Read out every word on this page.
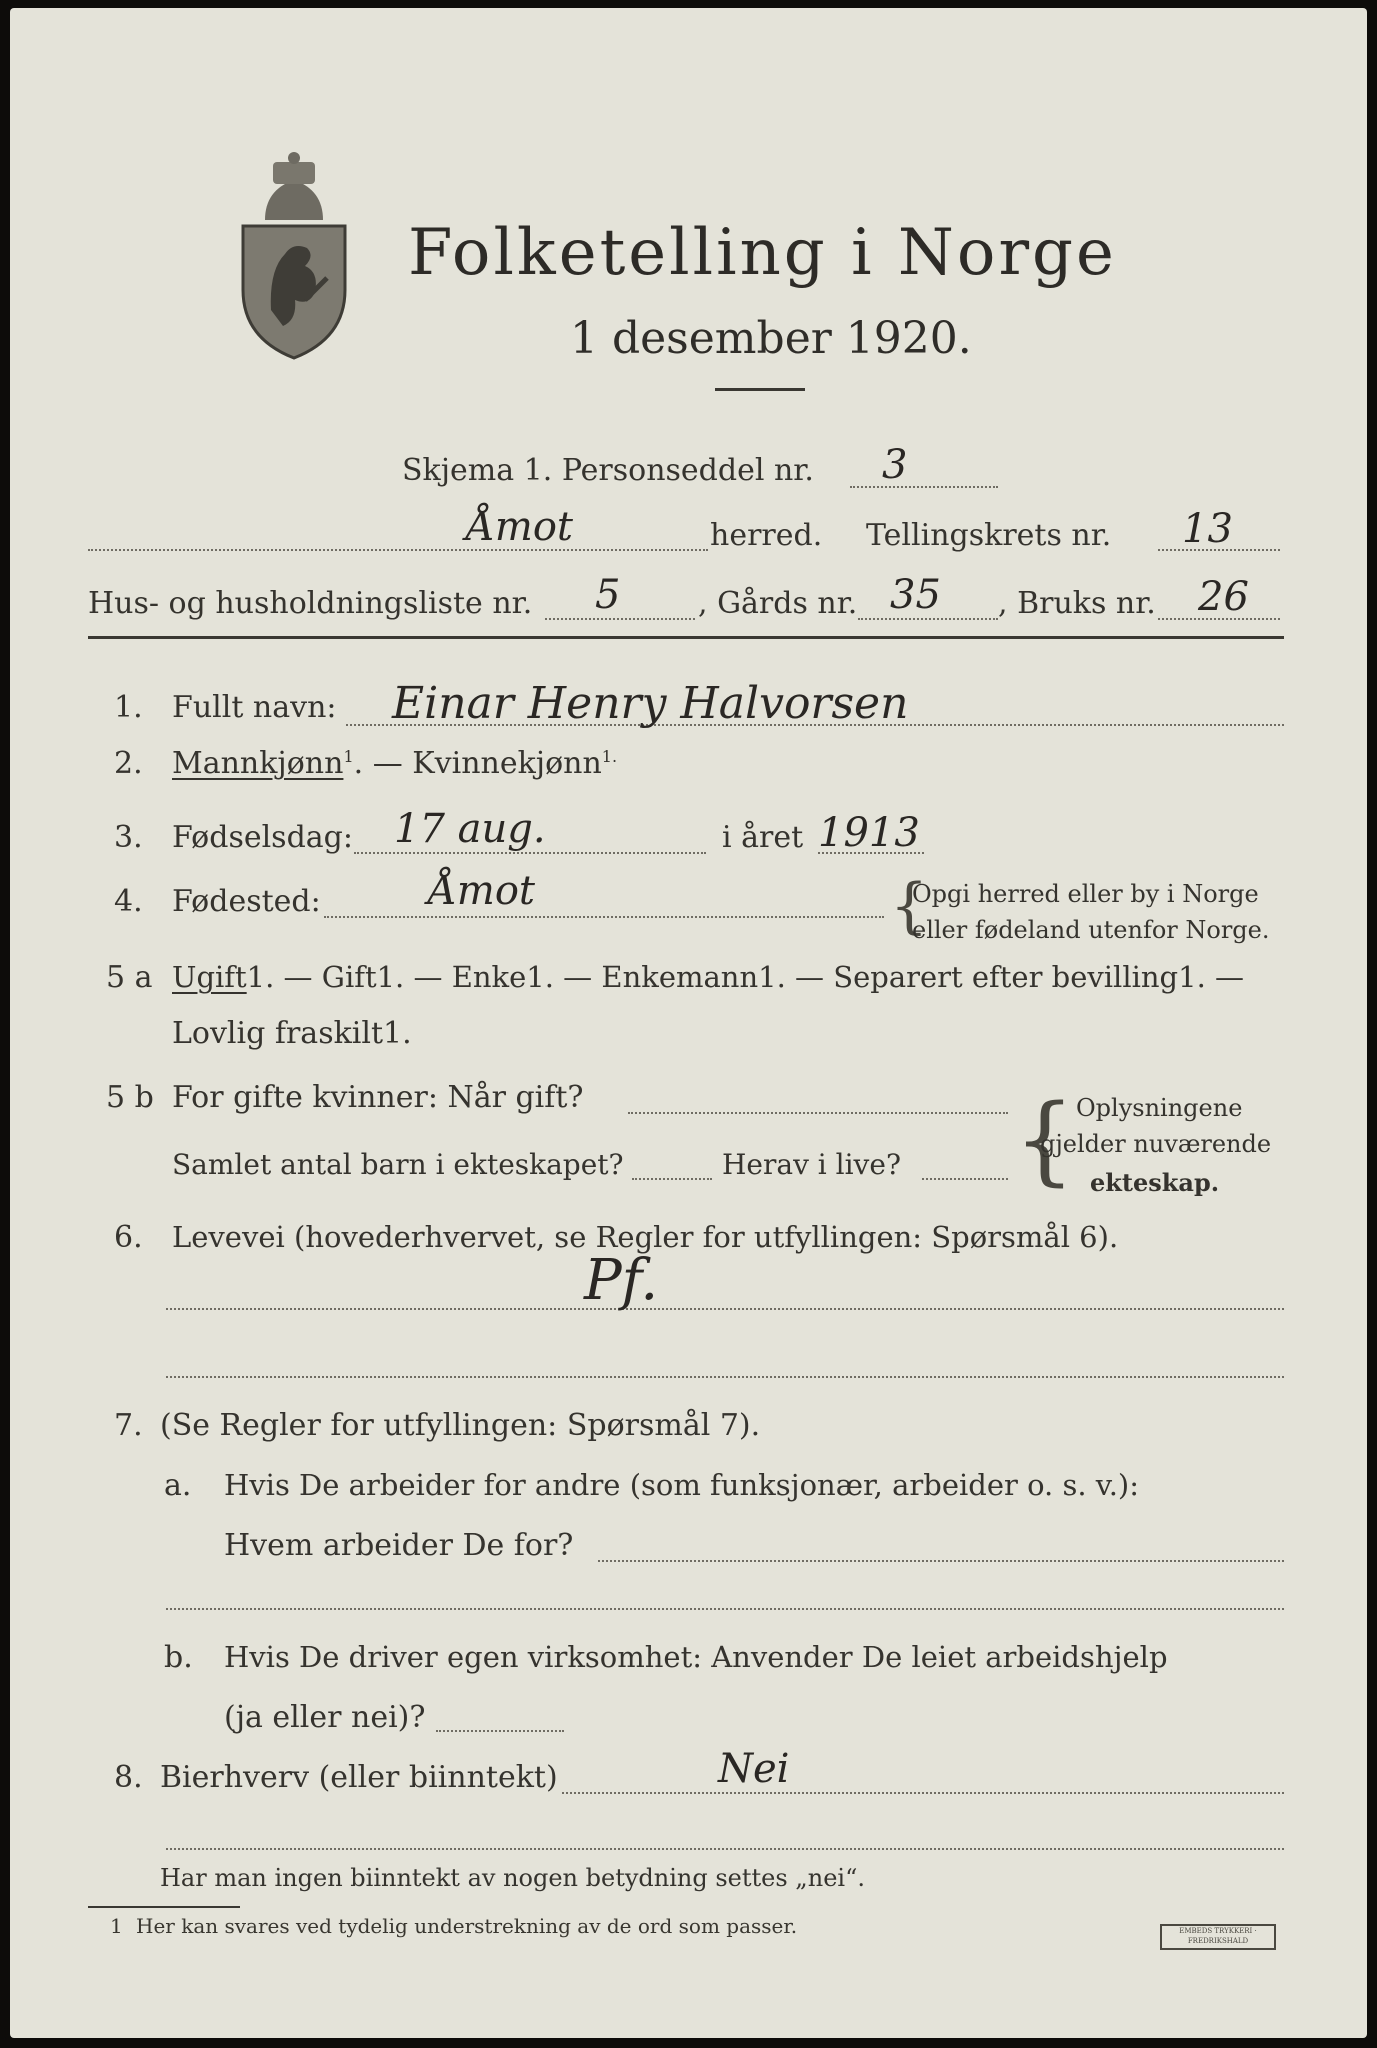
Folketelling i Norge
1 desember 1920.
Skjema 1. Personseddel nr. 3
Åmot	herred. Tellingskrets nr. 13
Hus- og husholdningsliste nr. 5	, Gårds nr. 35 , Bruks nr. 26
1. Fullt navn: Einar Henry Halvorsen
2. Mannkjønn$^1$. — Kvinnekjønn$^{1.}$
3. Fødselsdag: 17 aug.	i året 1913
4. Fødested:	Åmot	{
Opgi herred eller by i Norge
eller fødeland utenfor Norge.
5 a Ugift1. — Gift1. — Enke1. — Enkemann1. — Separert efter bevilling1. —
Lovlig fraskilt1.
5 b For gifte kvinner: Når gift?
Samlet antal barn i ekteskapet?	Herav i live? { Oplysningene
gjelder nuværende
ekteskap.
6. Levevei (hovederhvervet, se Regler for utfyllingen: Spørsmål 6).
Pf.
7. (Se Regler for utfyllingen: Spørsmål 7).
a. Hvis De arbeider for andre (som funksjonær, arbeider o. s. v.):
Hvem arbeider De for?
b. Hvis De driver egen virksomhet: Anvender De leiet arbeidshjelp
(ja eller nei)?
8. Bierhverv (eller biinntekt)	Nei
Har man ingen biinntekt av nogen betydning settes „nei“.
1 Her kan svares ved tydelig understrekning av de ord som passer.	EMBEDS TRYKKERI · FREDRIKSHALD
